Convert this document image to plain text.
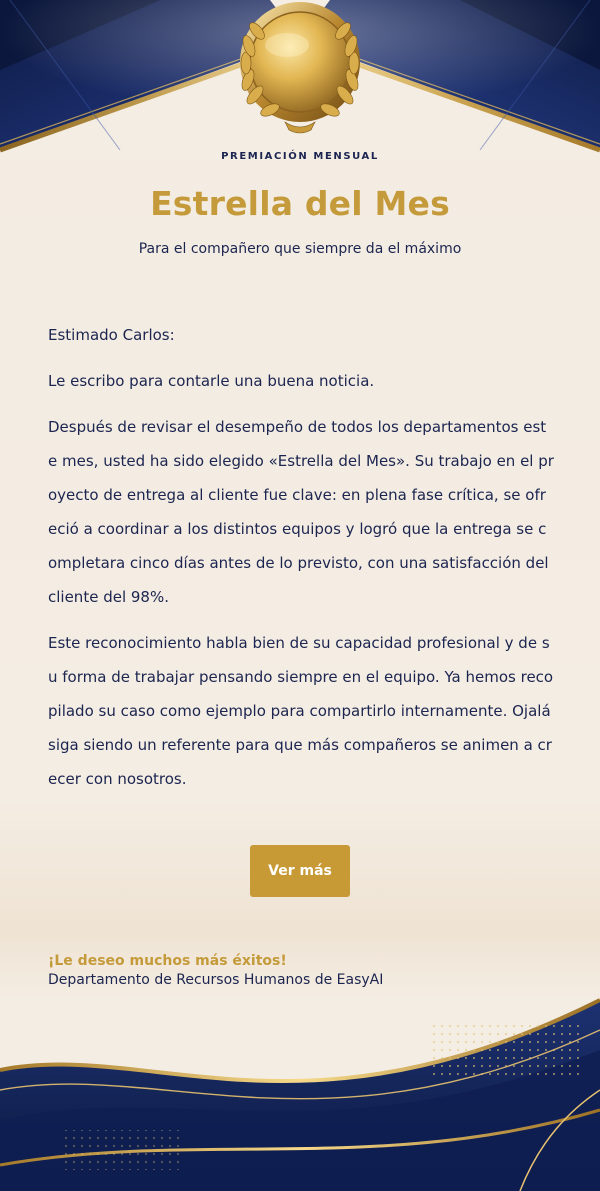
PREMIACIÓN MENSUAL
Estrella del Mes
Para el compañero que siempre da el máximo

Estimado Carlos:

Le escribo para contarle una buena noticia.

Después de revisar el desempeño de todos los departamentos este mes, usted ha sido elegido «Estrella del Mes». Su trabajo en el proyecto de entrega al cliente fue clave: en plena fase crítica, se ofreció a coordinar a los distintos equipos y logró que la entrega se completara cinco días antes de lo previsto, con una satisfacción del cliente del 98%.

Este reconocimiento habla bien de su capacidad profesional y de su forma de trabajar pensando siempre en el equipo. Ya hemos recopilado su caso como ejemplo para compartirlo internamente. Ojalá siga siendo un referente para que más compañeros se animen a crecer con nosotros.

Ver más
¡Le deseo muchos más éxitos!
Departamento de Recursos Humanos de EasyAI
